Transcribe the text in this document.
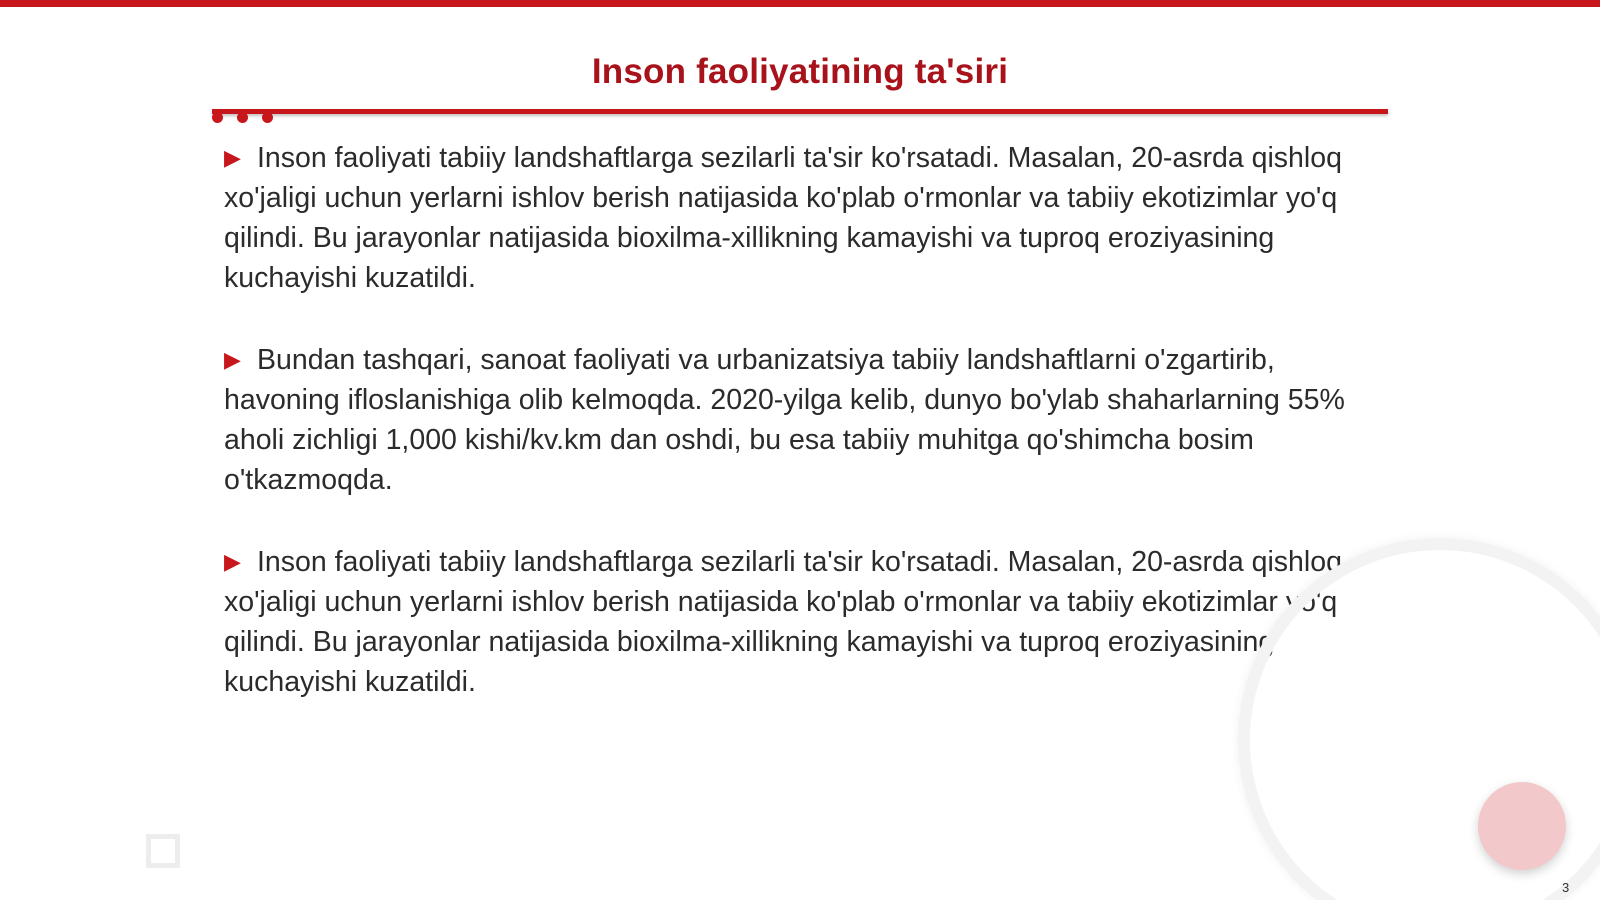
Inson faoliyatining ta'siri

▶ Inson faoliyati tabiiy landshaftlarga sezilarli ta'sir ko'rsatadi. Masalan, 20-asrda qishloq xo'jaligi uchun yerlarni ishlov berish natijasida ko'plab o'rmonlar va tabiiy ekotizimlar yo'q qilindi. Bu jarayonlar natijasida bioxilma-xillikning kamayishi va tuproq eroziyasining kuchayishi kuzatildi.

▶ Bundan tashqari, sanoat faoliyati va urbanizatsiya tabiiy landshaftlarni o'zgartirib, havoning ifloslanishiga olib kelmoqda. 2020-yilga kelib, dunyo bo'ylab shaharlarning 55% aholi zichligi 1,000 kishi/kv.km dan oshdi, bu esa tabiiy muhitga qo'shimcha bosim o'tkazmoqda.

▶ Inson faoliyati tabiiy landshaftlarga sezilarli ta'sir ko'rsatadi. Masalan, 20-asrda qishloq xo'jaligi uchun yerlarni ishlov berish natijasida ko'plab o'rmonlar va tabiiy ekotizimlar yo'q qilindi. Bu jarayonlar natijasida bioxilma-xillikning kamayishi va tuproq eroziyasining kuchayishi kuzatildi.

3
